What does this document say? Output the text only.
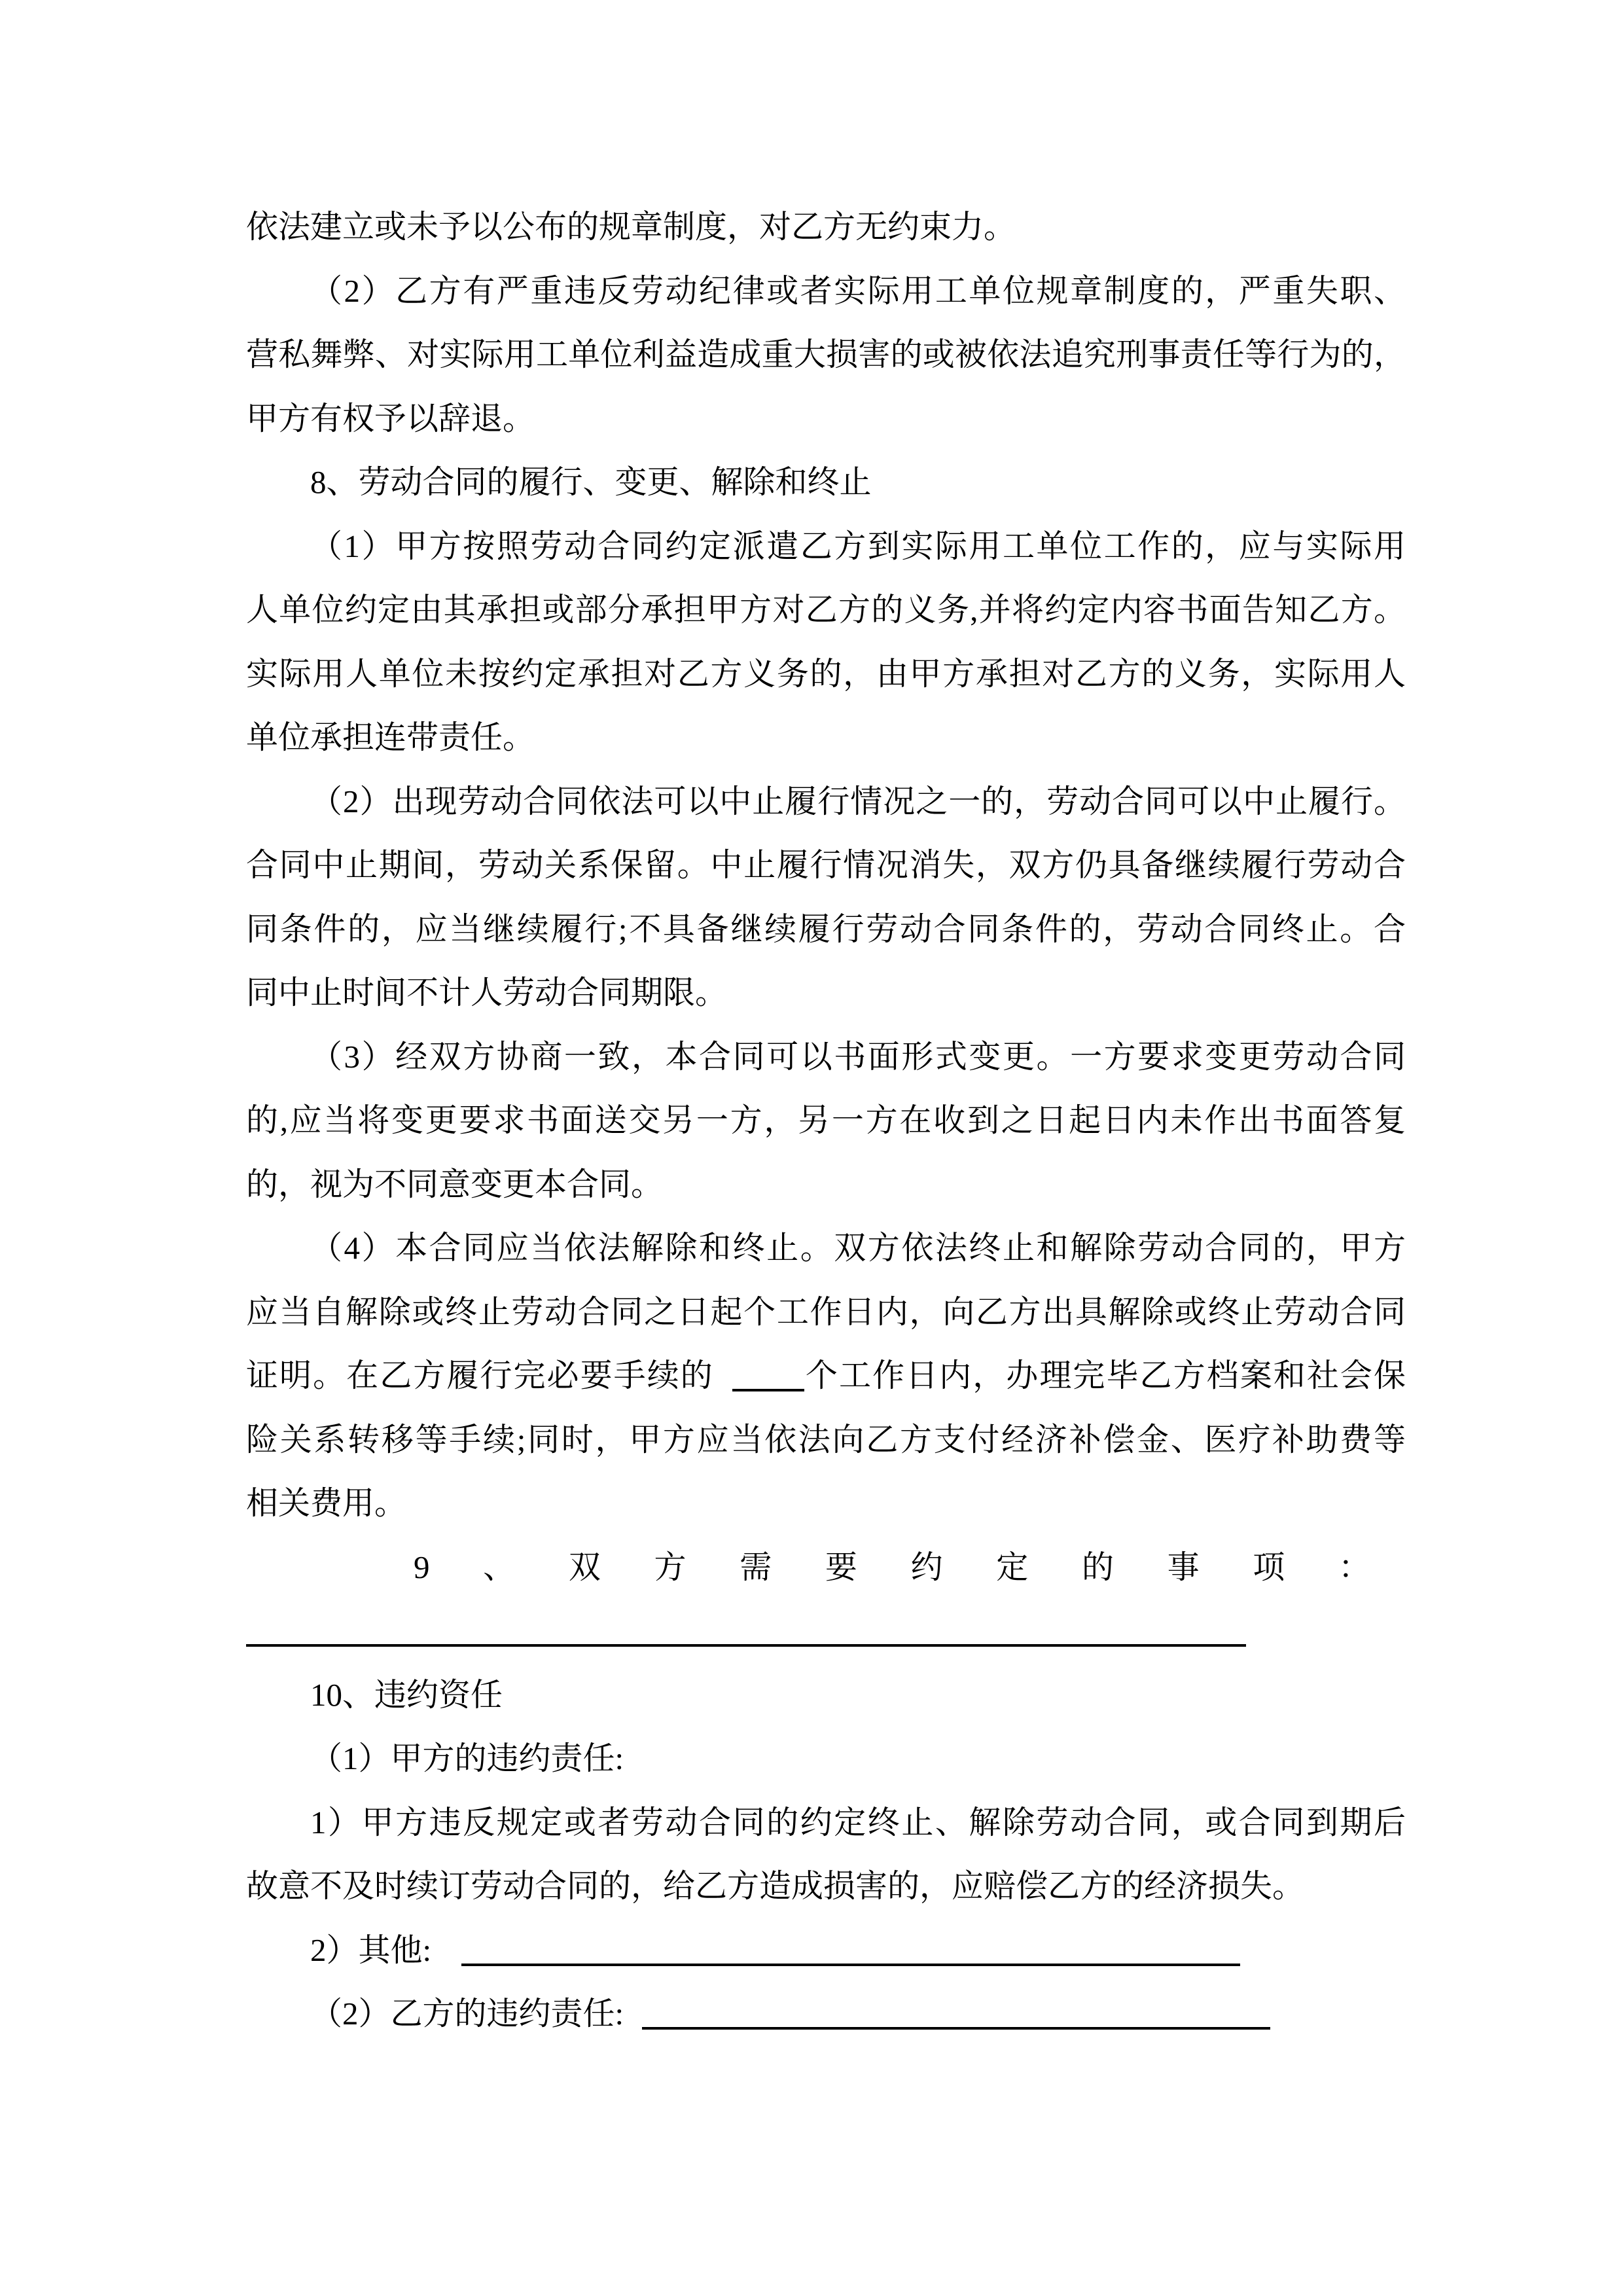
依法建立或未予以公布的规章制度，对乙方无约束力。
（2）乙方有严重违反劳动纪律或者实际用工单位规章制度的，严重失职、
营私舞弊、对实际用工单位利益造成重大损害的或被依法追究刑事责任等行为的，
甲方有权予以辞退。
8、劳动合同的履行、变更、解除和终止
（1）甲方按照劳动合同约定派遣乙方到实际用工单位工作的，应与实际用
人单位约定由其承担或部分承担甲方对乙方的义务,并将约定内容书面告知乙方。
实际用人单位未按约定承担对乙方义务的，由甲方承担对乙方的义务，实际用人
单位承担连带责任。
（2）出现劳动合同依法可以中止履行情况之一的，劳动合同可以中止履行。
合同中止期间，劳动关系保留。中止履行情况消失，双方仍具备继续履行劳动合
同条件的，应当继续履行;不具备继续履行劳动合同条件的，劳动合同终止。合
同中止时间不计人劳动合同期限。
（3）经双方协商一致，本合同可以书面形式变更。一方要求变更劳动合同
的,应当将变更要求书面送交另一方，另一方在收到之日起日内未作出书面答复
的，视为不同意变更本合同。
（4）本合同应当依法解除和终止。双方依法终止和解除劳动合同的，甲方
应当自解除或终止劳动合同之日起个工作日内，向乙方出具解除或终止劳动合同
证明。在乙方履行完必要手续的	个工作日内，办理完毕乙方档案和社会保
险关系转移等手续;同时，甲方应当依法向乙方支付经济补偿金、医疗补助费等
相关费用。
9、双方需要约定的事项：
10、违约资任
（1）甲方的违约责任:
1）甲方违反规定或者劳动合同的约定终止、解除劳动合同，或合同到期后
故意不及时续订劳动合同的，给乙方造成损害的，应赔偿乙方的经济损失。
2）其他:
（2）乙方的违约责任:
